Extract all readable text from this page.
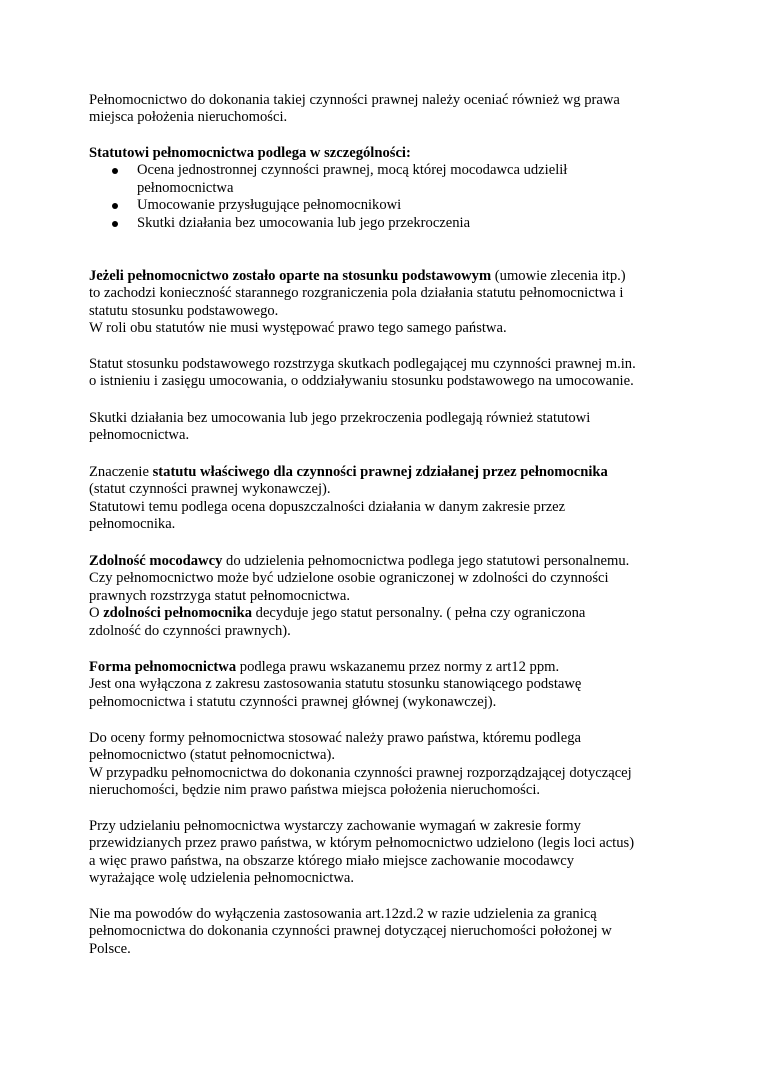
Pełnomocnictwo do dokonania takiej czynności prawnej należy oceniać również wg prawa

miejsca położenia nieruchomości.

Statutowi pełnomocnictwa podlega w szczególności:

Ocena jednostronnej czynności prawnej, mocą której mocodawca udzielił
pełnomocnictwa
Umocowanie przysługujące pełnomocnikowi
Skutki działania bez umocowania lub jego przekroczenia

Jeżeli pełnomocnictwo zostało oparte na stosunku podstawowym (umowie zlecenia itp.)

to zachodzi konieczność starannego rozgraniczenia pola działania statutu pełnomocnictwa i

statutu stosunku podstawowego.

W roli obu statutów nie musi występować prawo tego samego państwa.

Statut stosunku podstawowego rozstrzyga skutkach podlegającej mu czynności prawnej m.in.

o istnieniu i zasięgu umocowania, o oddziaływaniu stosunku podstawowego na umocowanie.

Skutki działania bez umocowania lub jego przekroczenia podlegają również statutowi

pełnomocnictwa.

Znaczenie statutu właściwego dla czynności prawnej zdziałanej przez pełnomocnika

(statut czynności prawnej wykonawczej).

Statutowi temu podlega ocena dopuszczalności działania w danym zakresie przez

pełnomocnika.

Zdolność mocodawcy do udzielenia pełnomocnictwa podlega jego statutowi personalnemu.

Czy pełnomocnictwo może być udzielone osobie ograniczonej w zdolności do czynności

prawnych rozstrzyga statut pełnomocnictwa.

O zdolności pełnomocnika decyduje jego statut personalny. ( pełna czy ograniczona

zdolność do czynności prawnych).

Forma pełnomocnictwa podlega prawu wskazanemu przez normy z art12 ppm.

Jest ona wyłączona z zakresu zastosowania statutu stosunku stanowiącego podstawę

pełnomocnictwa i statutu czynności prawnej głównej (wykonawczej).

Do oceny formy pełnomocnictwa stosować należy prawo państwa, któremu podlega

pełnomocnictwo (statut pełnomocnictwa).

W przypadku pełnomocnictwa do dokonania czynności prawnej rozporządzającej dotyczącej

nieruchomości, będzie nim prawo państwa miejsca położenia nieruchomości.

Przy udzielaniu pełnomocnictwa wystarczy zachowanie wymagań w zakresie formy

przewidzianych przez prawo państwa, w którym pełnomocnictwo udzielono (legis loci actus)

a więc prawo państwa, na obszarze którego miało miejsce zachowanie mocodawcy

wyrażające wolę udzielenia pełnomocnictwa.

Nie ma powodów do wyłączenia zastosowania art.12zd.2 w razie udzielenia za granicą

pełnomocnictwa do dokonania czynności prawnej dotyczącej nieruchomości położonej w

Polsce.
